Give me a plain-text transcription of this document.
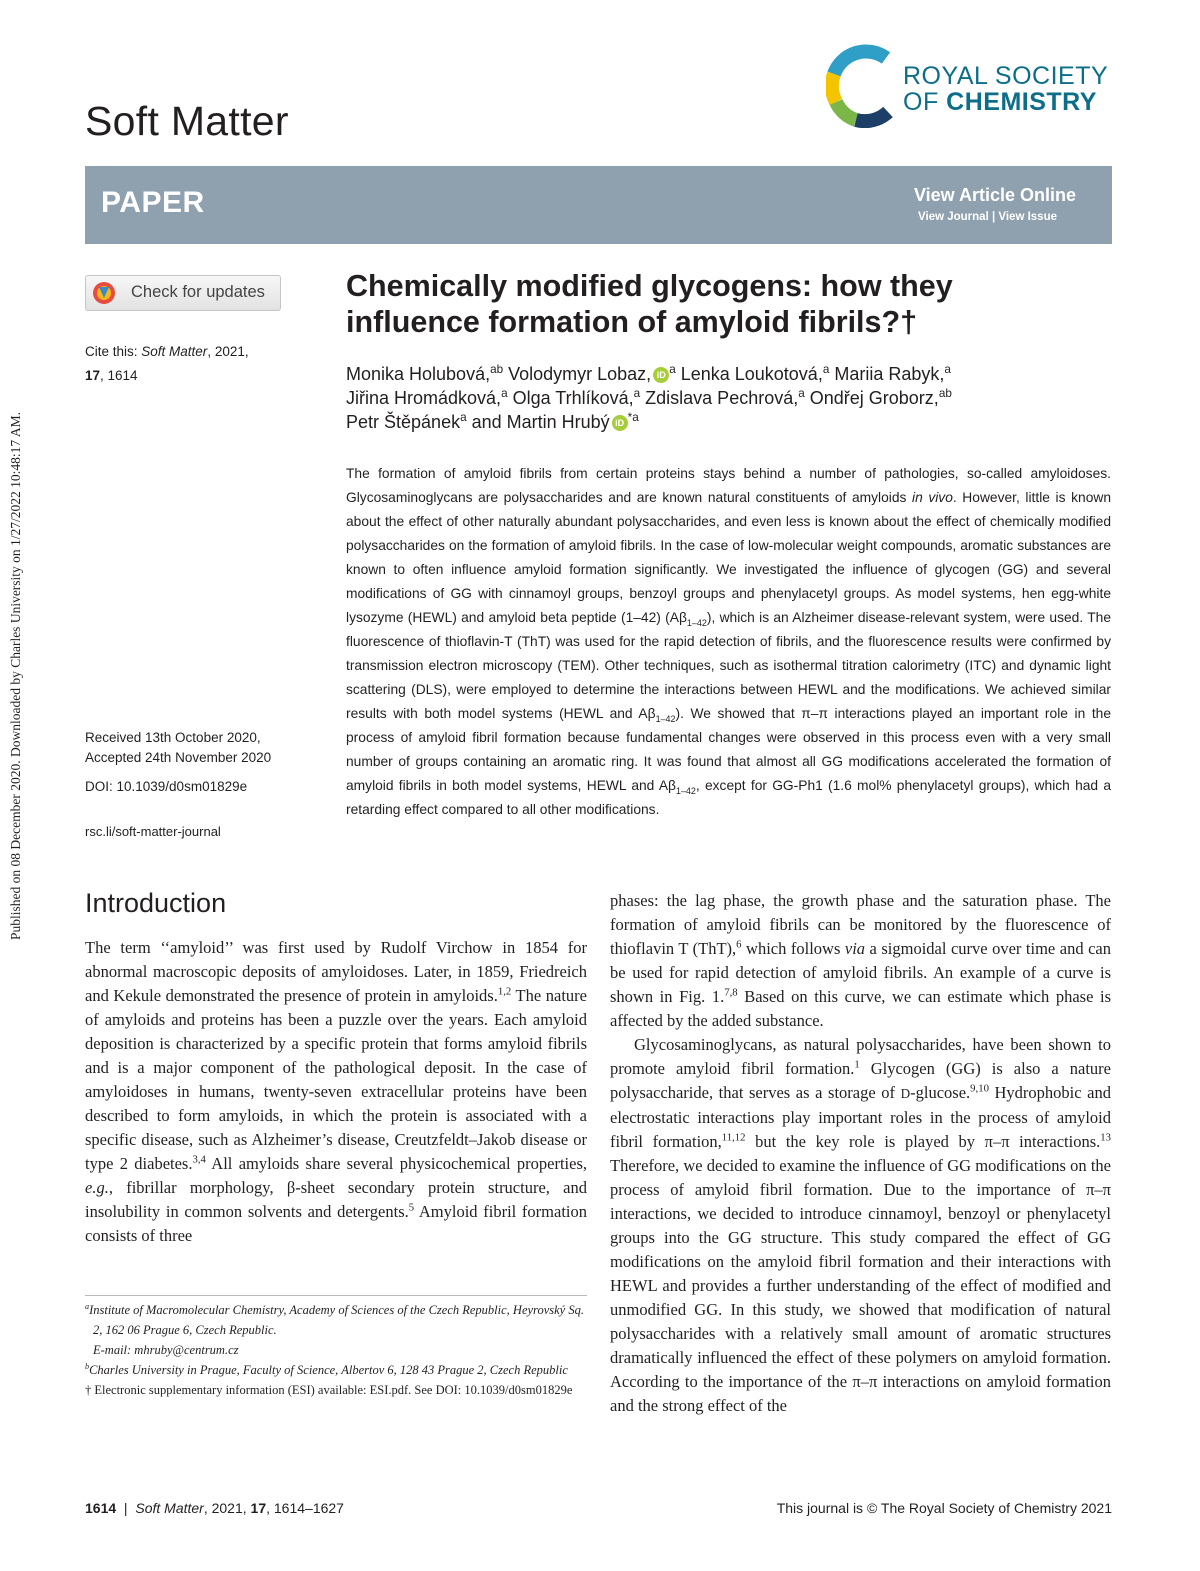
Published on 08 December 2020. Downloaded by Charles University on 1/27/2022 10:48:17 AM.
Soft Matter
ROYAL SOCIETY
OF CHEMISTRY
PAPER	View Article Online
View Journal | View Issue
Check for updates
Cite this: Soft Matter, 2021,
17, 1614
Received 13th October 2020,
Accepted 24th November 2020
DOI: 10.1039/d0sm01829e
rsc.li/soft-matter-journal
Chemically modified glycogens: how they
influence formation of amyloid fibrils?†
Monika Holubová,$^{ab}$ Volodymyr Lobaz, iD $^a$ Lenka Loukotová,$^a$ Mariia Rabyk,$^a$
Jiřina Hromádková,$^a$ Olga Trhlíková,$^a$ Zdislava Pechrová,$^a$ Ondřej Groborz,$^{ab}$
Petr Štěpánek$^a$ and Martin Hrubý iD $^{*a}$
The formation of amyloid fibrils from certain proteins stays behind a number of pathologies, so-called amyloidoses. Glycosaminoglycans are polysaccharides and are known natural constituents of amyloids in vivo. However, little is known about the effect of other naturally abundant polysaccharides, and even less is known about the effect of chemically modified polysaccharides on the formation of amyloid fibrils. In the case of low-molecular weight compounds, aromatic substances are known to often influence amyloid formation significantly. We investigated the influence of glycogen (GG) and several modifications of GG with cinnamoyl groups, benzoyl groups and phenylacetyl groups. As model systems, hen egg-white lysozyme (HEWL) and amyloid beta peptide (1–42) $(A\beta_{1-42})$, which is an Alzheimer disease-relevant system, were used. The fluorescence of thioflavin-T (ThT) was used for the rapid detection of fibrils, and the fluorescence results were confirmed by transmission electron microscopy (TEM). Other techniques, such as isothermal titration calorimetry (ITC) and dynamic light scattering (DLS), were employed to determine the interactions between HEWL and the modifications. We achieved similar results with both model systems (HEWL and $A\beta_{1-42}$). We showed that π–π interactions played an important role in the process of amyloid fibril formation because fundamental changes were observed in this process even with a very small number of groups containing an aromatic ring. It was found that almost all GG modifications accelerated the formation of amyloid fibrils in both model systems, HEWL and $A\beta_{1-42}$, except for GG-Ph1 (1.6 mol% phenylacetyl groups), which had a retarding effect compared to all other modifications.
Introduction

The term ‘‘amyloid’’ was first used by Rudolf Virchow in 1854 for abnormal macroscopic deposits of amyloidoses. Later, in 1859, Friedreich and Kekule demonstrated the presence of protein in amyloids.$^{1,2}$ The nature of amyloids and proteins has been a puzzle over the years. Each amyloid deposition is characterized by a specific protein that forms amyloid fibrils and is a major component of the pathological deposit. In the case of amyloidoses in humans, twenty-seven extracellular proteins have been described to form amyloids, in which the protein is associated with a specific disease, such as Alzheimer’s disease, Creutzfeldt–Jakob disease or type 2 diabetes.$^{3,4}$ All amyloids share several physicochemical properties, e.g., fibrillar morphology, β-sheet secondary protein structure, and insolubility in common solvents and detergents.$^5$ Amyloid fibril formation consists of three

$^a$Institute of Macromolecular Chemistry, Academy of Sciences of the Czech Republic, Heyrovský Sq. 2, 162 06 Prague 6, Czech Republic.
E-mail: mhruby@centrum.cz
$^b$Charles University in Prague, Faculty of Science, Albertov 6, 128 43 Prague 2, Czech Republic
† Electronic supplementary information (ESI) available: ESI.pdf. See DOI: 10.1039/d0sm01829e

phases: the lag phase, the growth phase and the saturation phase. The formation of amyloid fibrils can be monitored by the fluorescence of thioflavin T (ThT),$^6$ which follows via a sigmoidal curve over time and can be used for rapid detection of amyloid fibrils. An example of a curve is shown in Fig. 1.$^{7,8}$ Based on this curve, we can estimate which phase is affected by the added substance.

Glycosaminoglycans, as natural polysaccharides, have been shown to promote amyloid fibril formation.$^1$ Glycogen (GG) is also a nature polysaccharide, that serves as a storage of D-glucose.$^{9,10}$ Hydrophobic and electrostatic interactions play important roles in the process of amyloid fibril formation,$^{11,12}$ but the key role is played by π–π interactions.$^{13}$ Therefore, we decided to examine the influence of GG modifications on the process of amyloid fibril formation. Due to the importance of π–π interactions, we decided to introduce cinnamoyl, benzoyl or phenylacetyl groups into the GG structure. This study compared the effect of GG modifications on the amyloid fibril formation and their interactions with HEWL and provides a further understanding of the effect of modified and unmodified GG. In this study, we showed that modification of natural polysaccharides with a relatively small amount of aromatic structures dramatically influenced the effect of these polymers on amyloid formation. According to the importance of the π–π interactions on amyloid formation and the strong effect of the

1614  |  Soft Matter, 2021, 17, 1614–1627	This journal is © The Royal Society of Chemistry 2021
